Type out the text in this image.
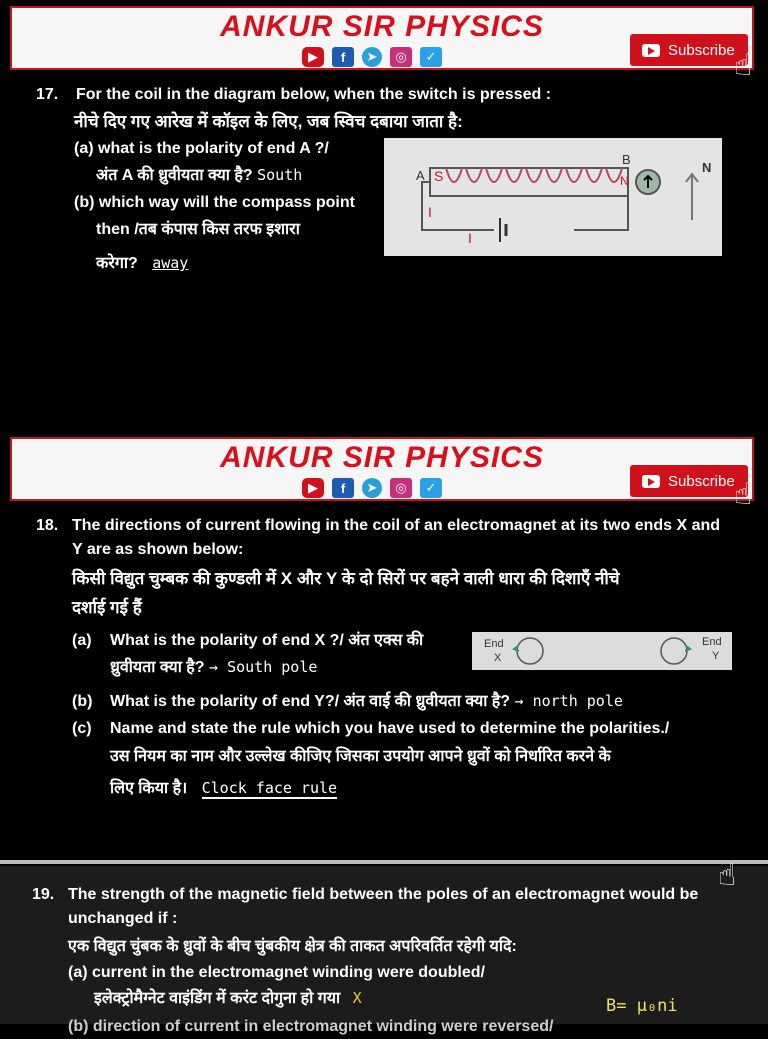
ANKUR SIR PHYSICS
▶	f	➤	◎	✓	Subscribe ☝
17. For the coil in the diagram below, when the switch is pressed :
नीचे दिए गए आरेख में कॉइल के लिए, जब स्विच दबाया जाता है:
(a) what is the polarity of end A ?/
अंत A की ध्रुवीयता क्या है? South
(b) which way will the compass point
then /तब कंपास किस तरफ इशारा
करेगा? away
A S
B
N
N
I
I
ANKUR SIR PHYSICS
▶	f	➤	◎	✓	Subscribe ☝
18. The directions of current flowing in the coil of an electromagnet at its two ends X and
Y are as shown below:
किसी विद्युत चुम्बक की कुण्डली में X और Y के दो सिरों पर बहने वाली धारा की दिशाएँ नीचे
दर्शाई गई हैं
(a) What is the polarity of end X ?/ अंत एक्स की
ध्रुवीयता क्या है? → South pole
End
X
End
Y
(b) What is the polarity of end Y?/ अंत वाई की ध्रुवीयता क्या है? → north pole
(c) Name and state the rule which you have used to determine the polarities./
उस नियम का नाम और उल्लेख कीजिए जिसका उपयोग आपने ध्रुवों को निर्धारित करने के
लिए किया है। Clock face rule
☝
19. The strength of the magnetic field between the poles of an electromagnet would be
unchanged if :
एक विद्युत चुंबक के ध्रुवों के बीच चुंबकीय क्षेत्र की ताकत अपरिवर्तित रहेगी यदि:
(a) current in the electromagnet winding were doubled/
इलेक्ट्रोमैग्नेट वाइंडिंग में करंट दोगुना हो गया X	B= μ₀ni
(b) direction of current in electromagnet winding were reversed/
